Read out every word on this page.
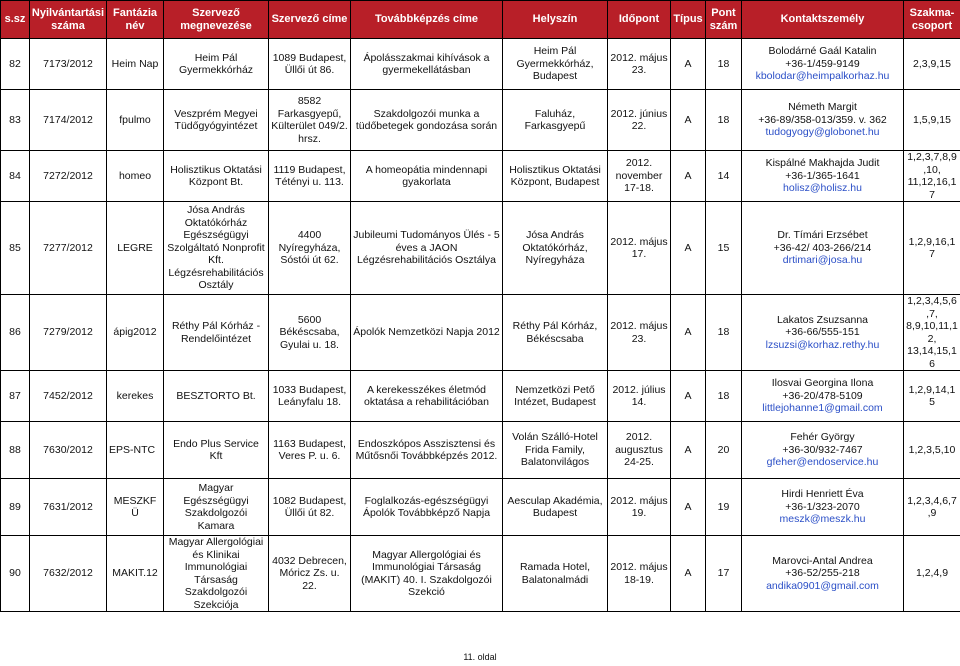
s.sz	Nyilvántartási száma	Fantázia név	Szervező megnevezése	Szervező címe	Továbbképzés címe	Helyszín	Időpont	Típus	Pont szám	Kontaktszemély	Szakma-csoport
82	7173/2012	Heim Nap	Heim Pál Gyermekkórház	1089 Budapest, Üllői út 86.	Ápolásszakmai kihívások a gyermekellátásban	Heim Pál Gyermekkórház, Budapest	2012. május 23.	A	18	Bolodárné Gaál Katalin
+36-1/459-9149
kbolodar@heimpalkorhaz.hu	2,3,9,15
83	7174/2012	fpulmo	Veszprém Megyei Tüdőgyógyintézet	8582 Farkasgyepű, Külterület 049/2. hrsz.	Szakdolgozói munka a tüdőbetegek gondozása során	Faluház, Farkasgyepű	2012. június 22.	A	18	Németh Margit
+36-89/358-013/359. v. 362
tudogyogy@globonet.hu	1,5,9,15
84	7272/2012	homeo	Holisztikus Oktatási Központ Bt.	1119 Budapest, Tétényi u. 113.	A homeopátia mindennapi gyakorlata	Holisztikus Oktatási Központ, Budapest	2012. november 17-18.	A	14	Kispálné Makhajda Judit
+36-1/365-1641
holisz@holisz.hu	1,2,3,7,8,9,10, 11,12,16,17
85	7277/2012	LEGRE	Jósa András Oktatókórház Egészségügyi Szolgáltató Nonprofit Kft. Légzésrehabilitációs Osztály	4400 Nyíregyháza, Sóstói út 62.	Jubileumi Tudományos Ülés - 5 éves a JAON Légzésrehabilitációs Osztálya	Jósa András Oktatókórház, Nyíregyháza	2012. május 17.	A	15	Dr. Tímári Erzsébet
+36-42/ 403-266/214
drtimari@josa.hu	1,2,9,16,17
86	7279/2012	ápig2012	Réthy Pál Kórház - Rendelőintézet	5600 Békéscsaba, Gyulai u. 18.	Ápolók Nemzetközi Napja 2012	Réthy Pál Kórház, Békéscsaba	2012. május 23.	A	18	Lakatos Zsuzsanna
+36-66/555-151
lzsuzsi@korhaz.rethy.hu	1,2,3,4,5,6,7, 8,9,10,11,12, 13,14,15,16
87	7452/2012	kerekes	BESZTORTO Bt.	1033 Budapest, Leányfalu 18.	A kerekesszékes életmód oktatása a rehabilitációban	Nemzetközi Pető Intézet, Budapest	2012. július 14.	A	18	Ilosvai Georgina Ilona
+36-20/478-5109
littlejohanne1@gmail.com	1,2,9,14,15
88	7630/2012	EPS-NTC	Endo Plus Service Kft	1163 Budapest, Veres P. u. 6.	Endoszkópos Asszisztensi és Műtősnői Továbbképzés 2012.	Volán Szálló-Hotel Frida Family, Balatonvilágos	2012. augusztus 24-25.	A	20	Fehér György
+36-30/932-7467
gfeher@endoservice.hu	1,2,3,5,10
89	7631/2012	MESZKF Ü	Magyar Egészségügyi Szakdolgozói Kamara	1082 Budapest, Üllői út 82.	Foglalkozás-egészségügyi Ápolók Továbbképző Napja	Aesculap Akadémia, Budapest	2012. május 19.	A	19	Hirdi Henriett Éva
+36-1/323-2070
meszk@meszk.hu	1,2,3,4,6,7,9
90	7632/2012	MAKIT.12	Magyar Allergológiai és Klinikai Immunológiai Társaság Szakdolgozói Szekciója	4032 Debrecen, Móricz Zs. u. 22.	Magyar Allergológiai és Immunológiai Társaság (MAKIT) 40. I. Szakdolgozói Szekció	Ramada Hotel, Balatonalmádi	2012. május 18-19.	A	17	Marovci-Antal Andrea
+36-52/255-218
andika0901@gmail.com	1,2,4,9
11. oldal
